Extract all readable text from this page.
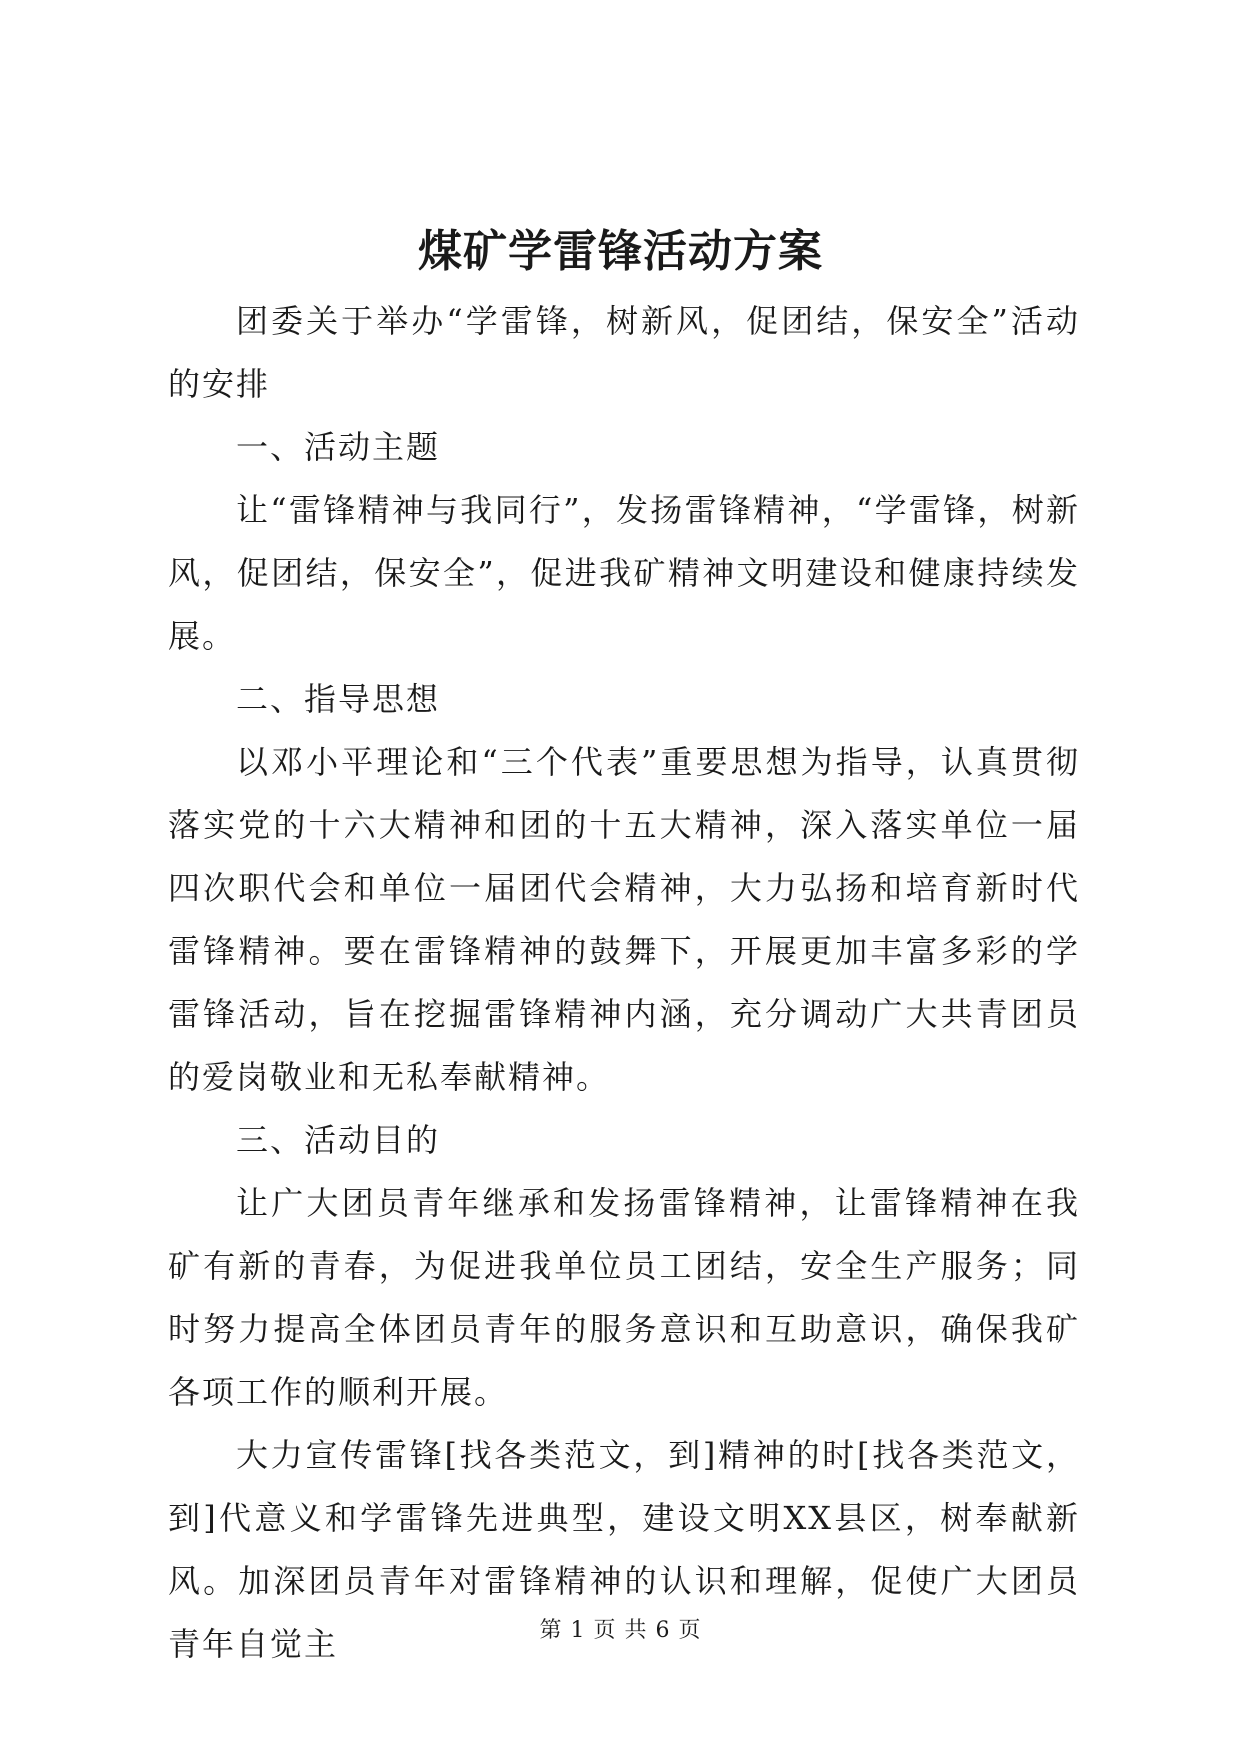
煤矿学雷锋活动方案

团委关于举办“学雷锋，树新风，促团结，保安全”活动的安排

一、活动主题

让“雷锋精神与我同行”，发扬雷锋精神，“学雷锋，树新风，促团结，保安全”，促进我矿精神文明建设和健康持续发展。

二、指导思想

以邓小平理论和“三个代表”重要思想为指导，认真贯彻落实党的十六大精神和团的十五大精神，深入落实单位一届四次职代会和单位一届团代会精神，大力弘扬和培育新时代雷锋精神。要在雷锋精神的鼓舞下，开展更加丰富多彩的学雷锋活动，旨在挖掘雷锋精神内涵，充分调动广大共青团员的爱岗敬业和无私奉献精神。

三、活动目的

让广大团员青年继承和发扬雷锋精神，让雷锋精神在我矿有新的青春，为促进我单位员工团结，安全生产服务；同时努力提高全体团员青年的服务意识和互助意识，确保我矿各项工作的顺利开展。

大力宣传雷锋[找各类范文，到]精神的时[找各类范文，到]代意义和学雷锋先进典型，建设文明XX县区，树奉献新风。加深团员青年对雷锋精神的认识和理解，促使广大团员青年自觉主	第 1 页 共 6 页
